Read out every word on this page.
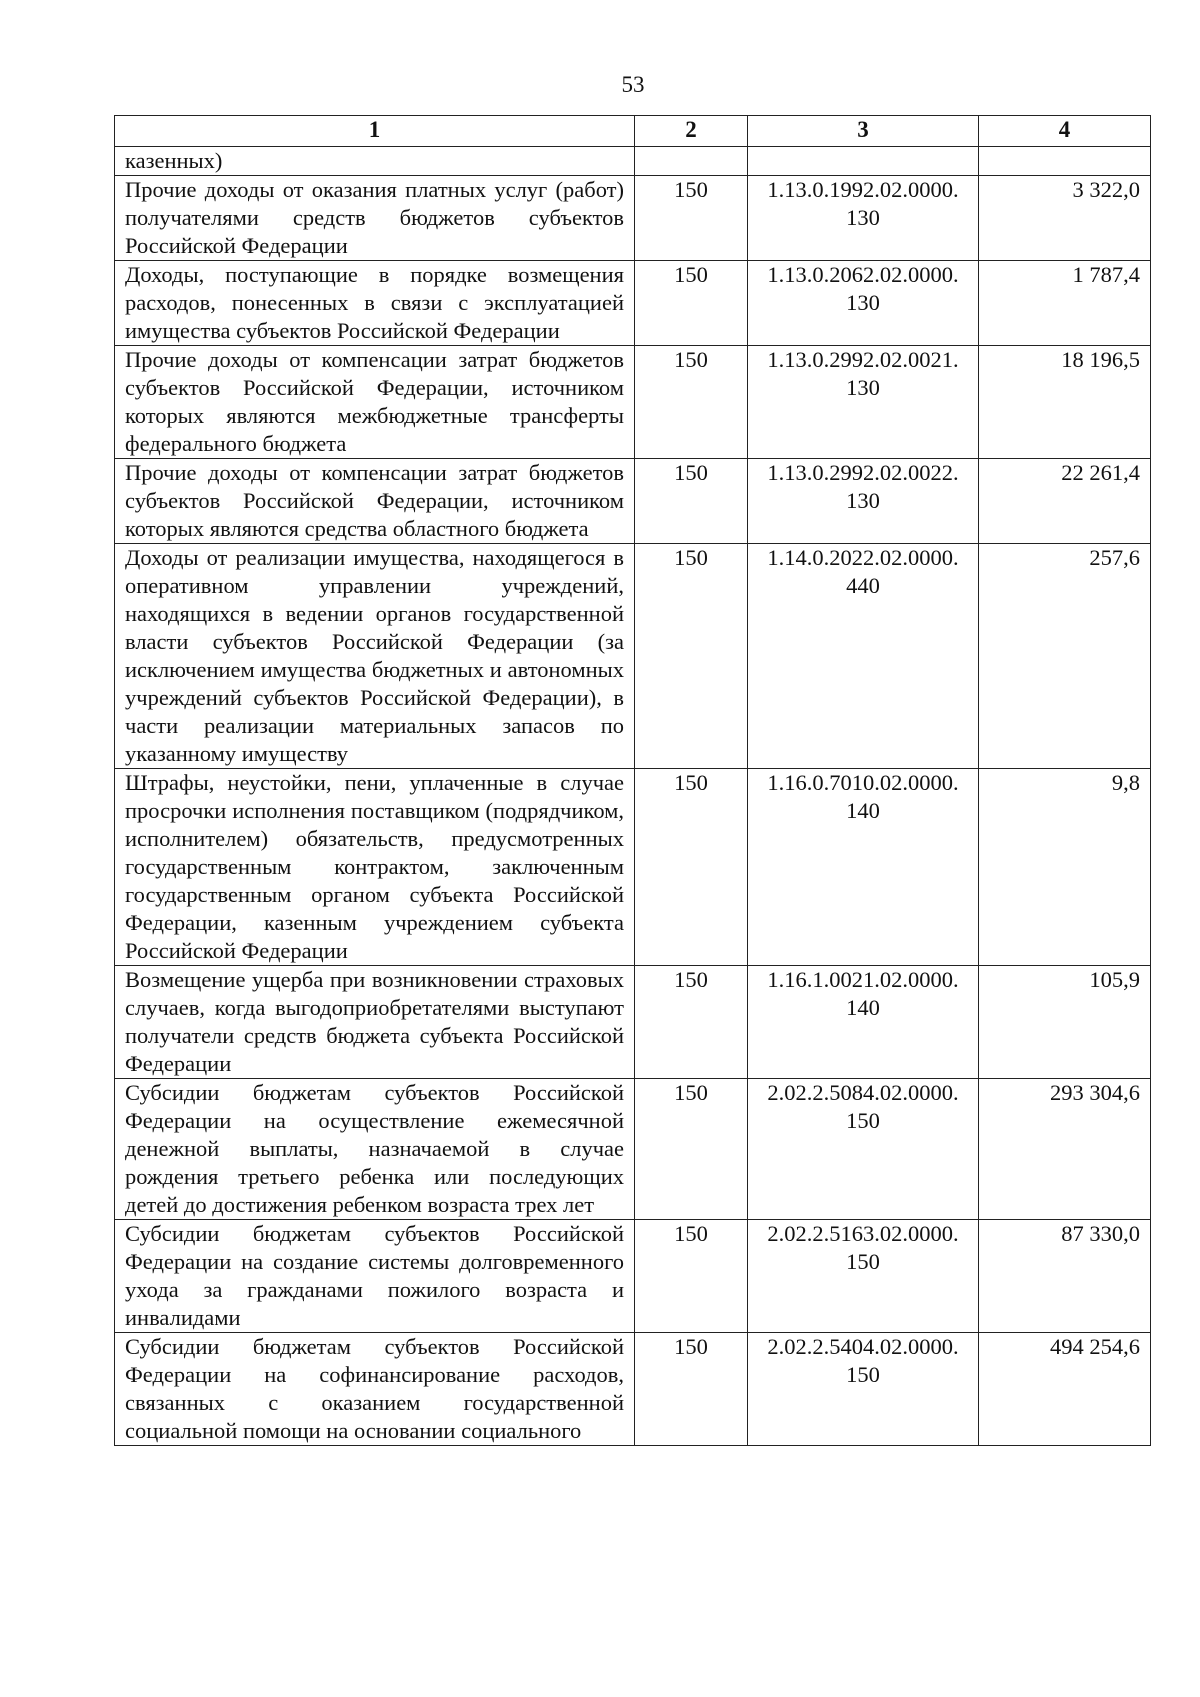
53
1	2	3	4
казенных)			
Прочие доходы от оказания платных услуг (работ) получателями средств бюджетов субъектов Российской Федерации	150	1.13.0.1992.02.0000. 130	3 322,0
Доходы, поступающие в порядке возмещения расходов, понесенных в связи с эксплуатацией имущества субъектов Российской Федерации	150	1.13.0.2062.02.0000. 130	1 787,4
Прочие доходы от компенсации затрат бюджетов субъектов Российской Федерации, источником которых являются межбюджетные трансферты федерального бюджета	150	1.13.0.2992.02.0021. 130	18 196,5
Прочие доходы от компенсации затрат бюджетов субъектов Российской Федерации, источником которых являются средства областного бюджета	150	1.13.0.2992.02.0022. 130	22 261,4
Доходы от реализации имущества, находящегося в оперативном управлении учреждений, находящихся в ведении органов государственной власти субъектов Российской Федерации (за исключением имущества бюджетных и автономных учреждений субъектов Российской Федерации), в части реализации материальных запасов по указанному имуществу	150	1.14.0.2022.02.0000. 440	257,6
Штрафы, неустойки, пени, уплаченные в случае просрочки исполнения поставщиком (подрядчиком, исполнителем) обязательств, предусмотренных государственным контрактом, заключенным государственным органом субъекта Российской Федерации, казенным учреждением субъекта Российской Федерации	150	1.16.0.7010.02.0000. 140	9,8
Возмещение ущерба при возникновении страховых случаев, когда выгодоприобретателями выступают получатели средств бюджета субъекта Российской Федерации	150	1.16.1.0021.02.0000. 140	105,9
Субсидии бюджетам субъектов Российской Федерации на осуществление ежемесячной денежной выплаты, назначаемой в случае рождения третьего ребенка или последующих детей до достижения ребенком возраста трех лет	150	2.02.2.5084.02.0000. 150	293 304,6
Субсидии бюджетам субъектов Российской Федерации на создание системы долговременного ухода за гражданами пожилого возраста и инвалидами	150	2.02.2.5163.02.0000. 150	87 330,0
Субсидии бюджетам субъектов Российской Федерации на софинансирование расходов, связанных с оказанием государственной социальной помощи на основании социального	150	2.02.2.5404.02.0000. 150	494 254,6
